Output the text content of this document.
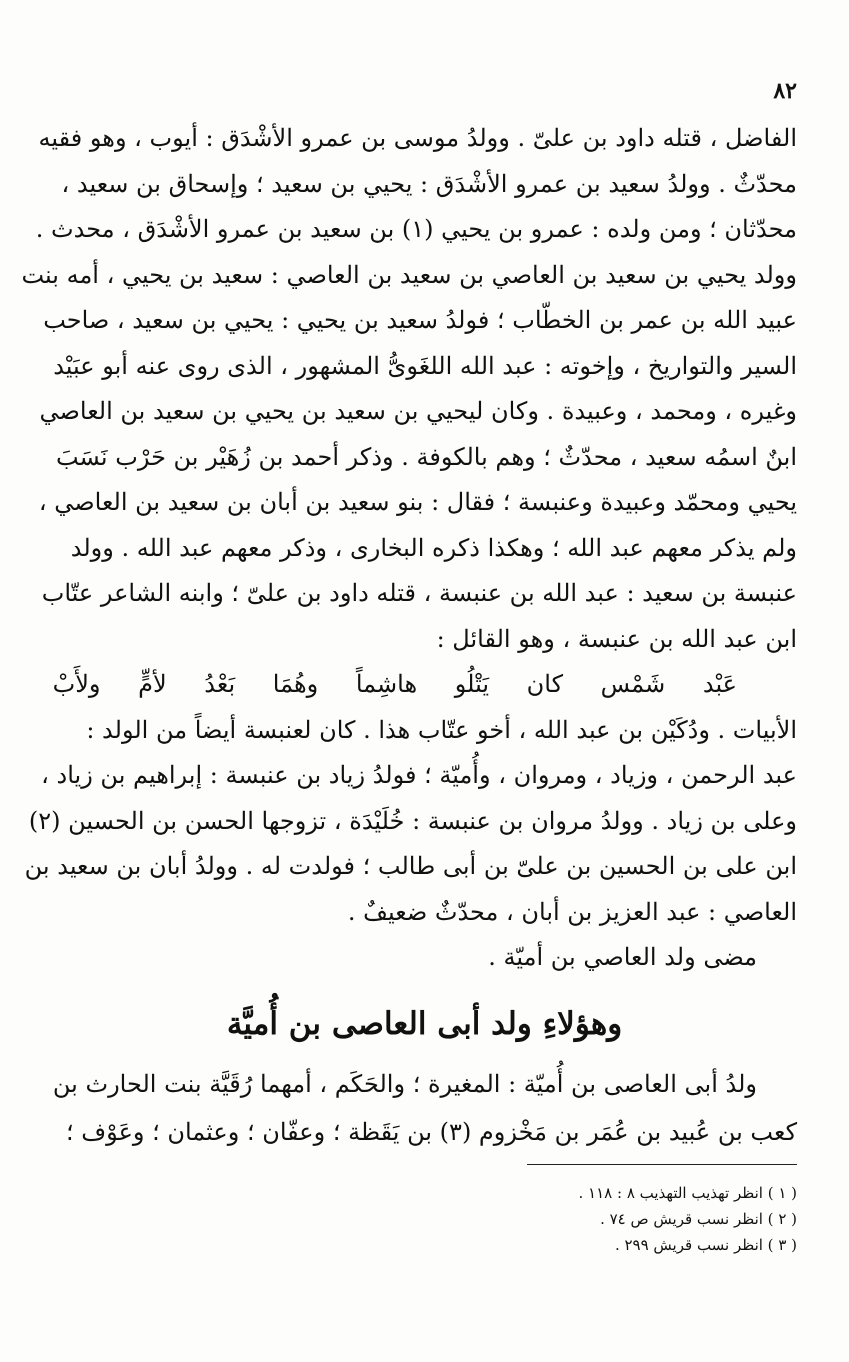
٨٢
الفاضل ، قتله داود بن علىّ . وولدُ موسى بن عمرو الأشْدَق : أيوب ، وهو فقيه
محدّثٌ . وولدُ سعيد بن عمرو الأشْدَق : يحيي بن سعيد ؛ وإسحاق بن سعيد ،
محدّثان ؛ ومن ولده : عمرو بن يحيي (١) بن سعيد بن عمرو الأشْدَق ، محدث .
وولد يحيي بن سعيد بن العاصي بن سعيد بن العاصي : سعيد بن يحيي ، أمه بنت
عبيد الله بن عمر بن الخطّاب ؛ فولدُ سعيد بن يحيي : يحيي بن سعيد ، صاحب
السير والتواريخ ، وإخوته : عبد الله اللغَوىُّ المشهور ، الذى روى عنه أبو عبَيْد
وغيره ، ومحمد ، وعبيدة . وكان ليحيي بن سعيد بن يحيي بن سعيد بن العاصي
ابنٌ اسمُه سعيد ، محدّثٌ ؛ وهم بالكوفة . وذكر أحمد بن زُهَيْر بن حَرْب نَسَبَ
يحيي ومحمّد وعبيدة وعنبسة ؛ فقال : بنو سعيد بن أبان بن سعيد بن العاصي ،
ولم يذكر معهم عبد الله ؛ وهكذا ذكره البخارى ، وذكر معهم عبد الله . وولد
عنبسة بن سعيد : عبد الله بن عنبسة ، قتله داود بن علىّ ؛ وابنه الشاعر عتّاب
ابن عبد الله بن عنبسة ، وهو القائل :
عَبْد شَمْس كان يَتْلُو هاشِماً وهُمَا بَعْدُ لأمٍّ ولأَبْ
الأبيات . ودُكَيْن بن عبد الله ، أخو عتّاب هذا . كان لعنبسة أيضاً من الولد :
عبد الرحمن ، وزياد ، ومروان ، وأُميّة ؛ فولدُ زياد بن عنبسة : إبراهيم بن زياد ،
وعلى بن زياد . وولدُ مروان بن عنبسة : خُلَيْدَة ، تزوجها الحسن بن الحسين (٢)
ابن على بن الحسين بن علىّ بن أبى طالب ؛ فولدت له . وولدُ أبان بن سعيد بن
العاصي : عبد العزيز بن أبان ، محدّثٌ ضعيفٌ .
مضى ولد العاصي بن أميّة .
وهؤلاءِ ولد أبى العاصى بن أُميَّة
ولدُ أبى العاصى بن أُميّة : المغيرة ؛ والحَكَم ، أمهما رُقَيَّة بنت الحارث بن
كعب بن عُبيد بن عُمَر بن مَخْزوم (٣) بن يَقَظة ؛ وعفّان ؛ وعثمان ؛ وعَوْف ؛
( ١ ) انظر تهذيب التهذيب ٨ : ١١٨ .
( ٢ ) انظر نسب قريش ص ٧٤ .
( ٣ ) انظر نسب قريش ٢٩٩ .
